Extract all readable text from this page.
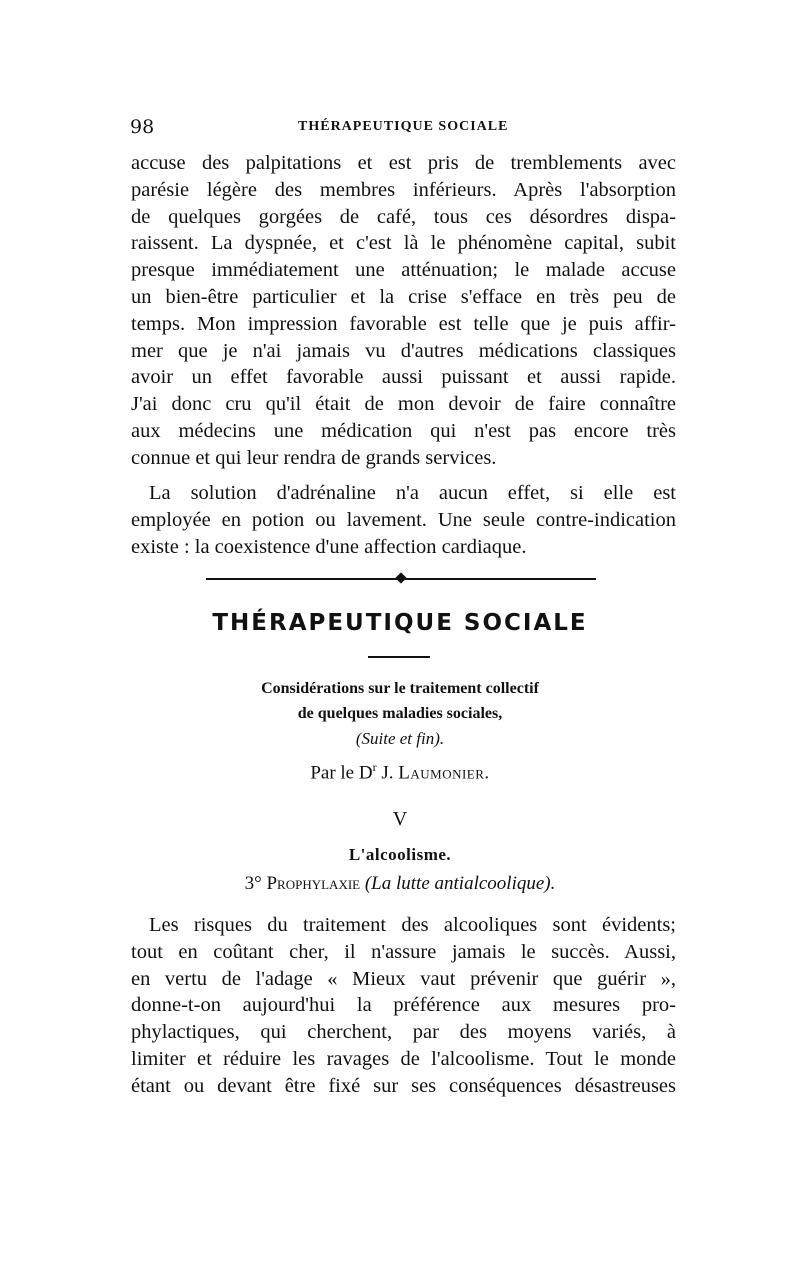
98	THÉRAPEUTIQUE SOCIALE
accuse des palpitations et est pris de tremblements avec
parésie légère des membres inférieurs. Après l'absorption
de quelques gorgées de café, tous ces désordres dispa-
raissent. La dyspnée, et c'est là le phénomène capital, subit
presque immédiatement une atténuation; le malade accuse
un bien-être particulier et la crise s'efface en très peu de
temps. Mon impression favorable est telle que je puis affir-
mer que je n'ai jamais vu d'autres médications classiques
avoir un effet favorable aussi puissant et aussi rapide.
J'ai donc cru qu'il était de mon devoir de faire connaître
aux médecins une médication qui n'est pas encore très
connue et qui leur rendra de grands services.
La solution d'adrénaline n'a aucun effet, si elle est
employée en potion ou lavement. Une seule contre-indication
existe : la coexistence d'une affection cardiaque.
THÉRAPEUTIQUE SOCIALE
Considérations sur le traitement collectif
de quelques maladies sociales,
(Suite et fin).
Par le $D^r$ J. Laumonier.
V
L'alcoolisme.
3° Prophylaxie (La lutte antialcoolique).
Les risques du traitement des alcooliques sont évidents;
tout en coûtant cher, il n'assure jamais le succès. Aussi,
en vertu de l'adage « Mieux vaut prévenir que guérir »,
donne-t-on aujourd'hui la préférence aux mesures pro-
phylactiques, qui cherchent, par des moyens variés, à
limiter et réduire les ravages de l'alcoolisme. Tout le monde
étant ou devant être fixé sur ses conséquences désastreuses
